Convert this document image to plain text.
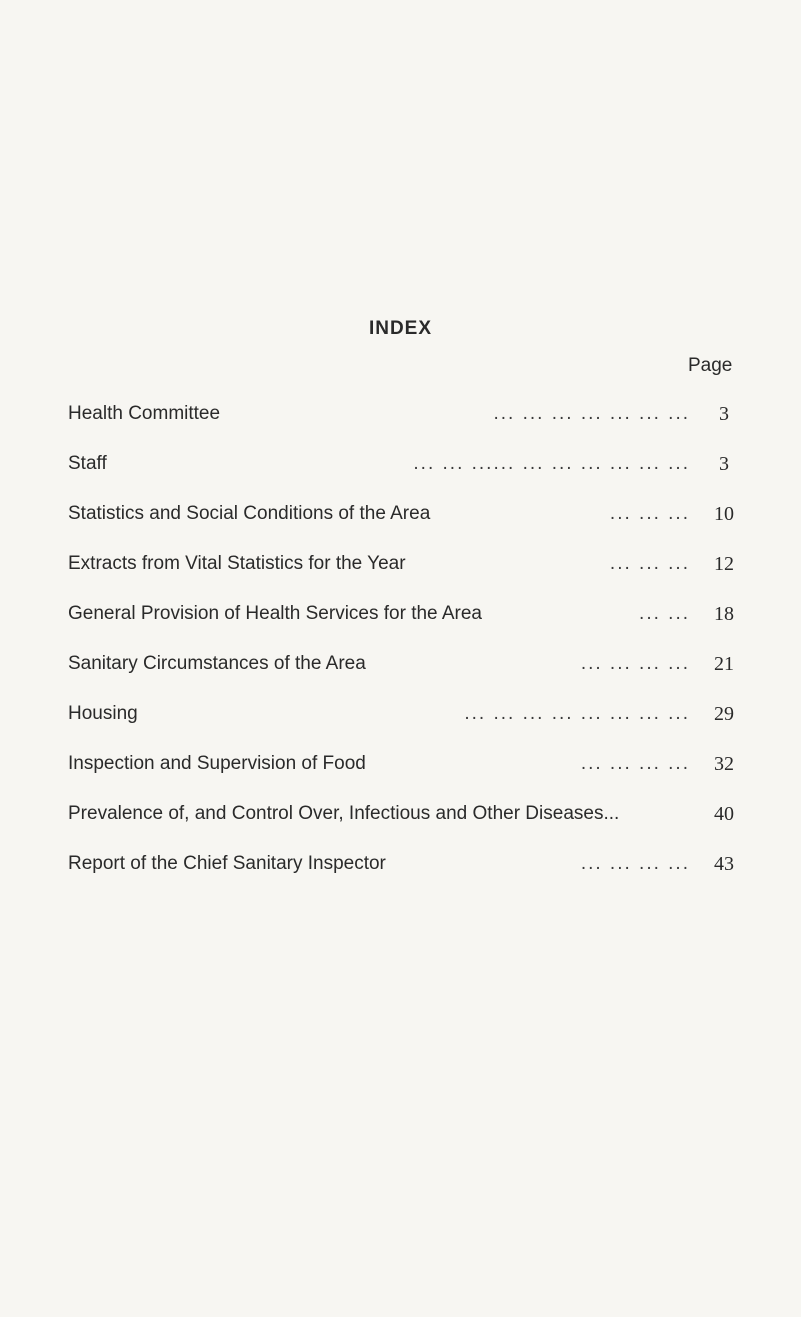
INDEX
Page
Health Committee	... ... ... ... ... ... ...	3
Staff	... ... ...... ... ... ... ... ... ...	3
Statistics and Social Conditions of the Area	... ... ...	10
Extracts from Vital Statistics for the Year	... ... ...	12
General Provision of Health Services for the Area	... ...	18
Sanitary Circumstances of the Area	... ... ... ...	21
Housing	... ... ... ... ... ... ... ...	29
Inspection and Supervision of Food	... ... ... ...	32
Prevalence of, and Control Over, Infectious and Other Diseases...	40
Report of the Chief Sanitary Inspector	... ... ... ...	43
